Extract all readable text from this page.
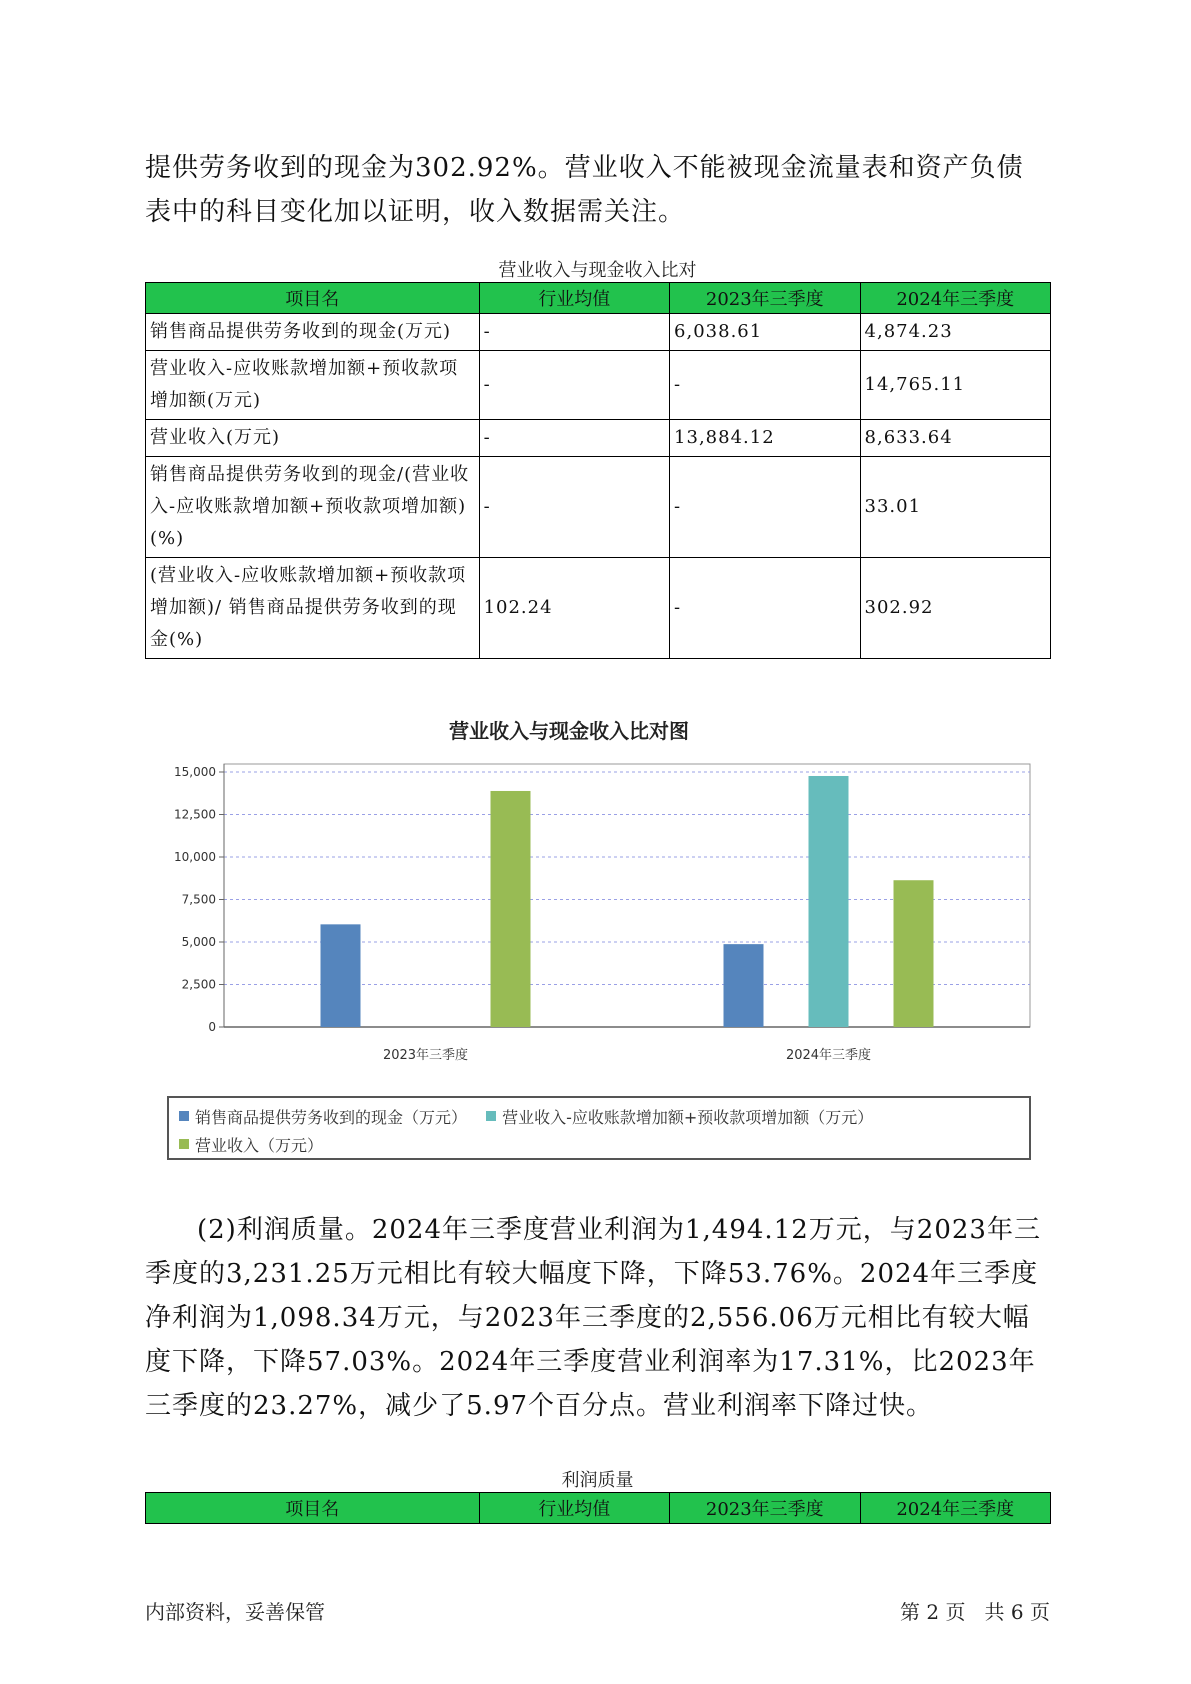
提供劳务收到的现金为302.92%。营业收入不能被现金流量表和资产负债表中的科目变化加以证明，收入数据需关注。

营业收入与现金收入比对
项目名	行业均值	2023年三季度	2024年三季度
销售商品提供劳务收到的现金(万元)	-	6,038.61	4,874.23
营业收入-应收账款增加额+预收款项增加额(万元)	-	-	14,765.11
营业收入(万元)	-	13,884.12	8,633.64
销售商品提供劳务收到的现金/(营业收入-应收账款增加额+预收款项增加额)(%)	-	-	33.01
(营业收入-应收账款增加额+预收款项增加额)/ 销售商品提供劳务收到的现金(%)	102.24	-	302.92
营业收入与现金收入比对图
0
2,500
5,000
7,500
10,000
12,500
15,000
2023年三季度	2024年三季度
销售商品提供劳务收到的现金（万元）
营业收入-应收账款增加额+预收款项增加额（万元）

营业收入（万元）

(2)利润质量。2024年三季度营业利润为1,494.12万元，与2023年三季度的3,231.25万元相比有较大幅度下降，下降53.76%。2024年三季度净利润为1,098.34万元，与2023年三季度的2,556.06万元相比有较大幅度下降，下降57.03%。2024年三季度营业利润率为17.31%，比2023年三季度的23.27%，减少了5.97个百分点。营业利润率下降过快。

利润质量
项目名	行业均值	2023年三季度	2024年三季度
内部资料，妥善保管	第 2 页   共 6 页
